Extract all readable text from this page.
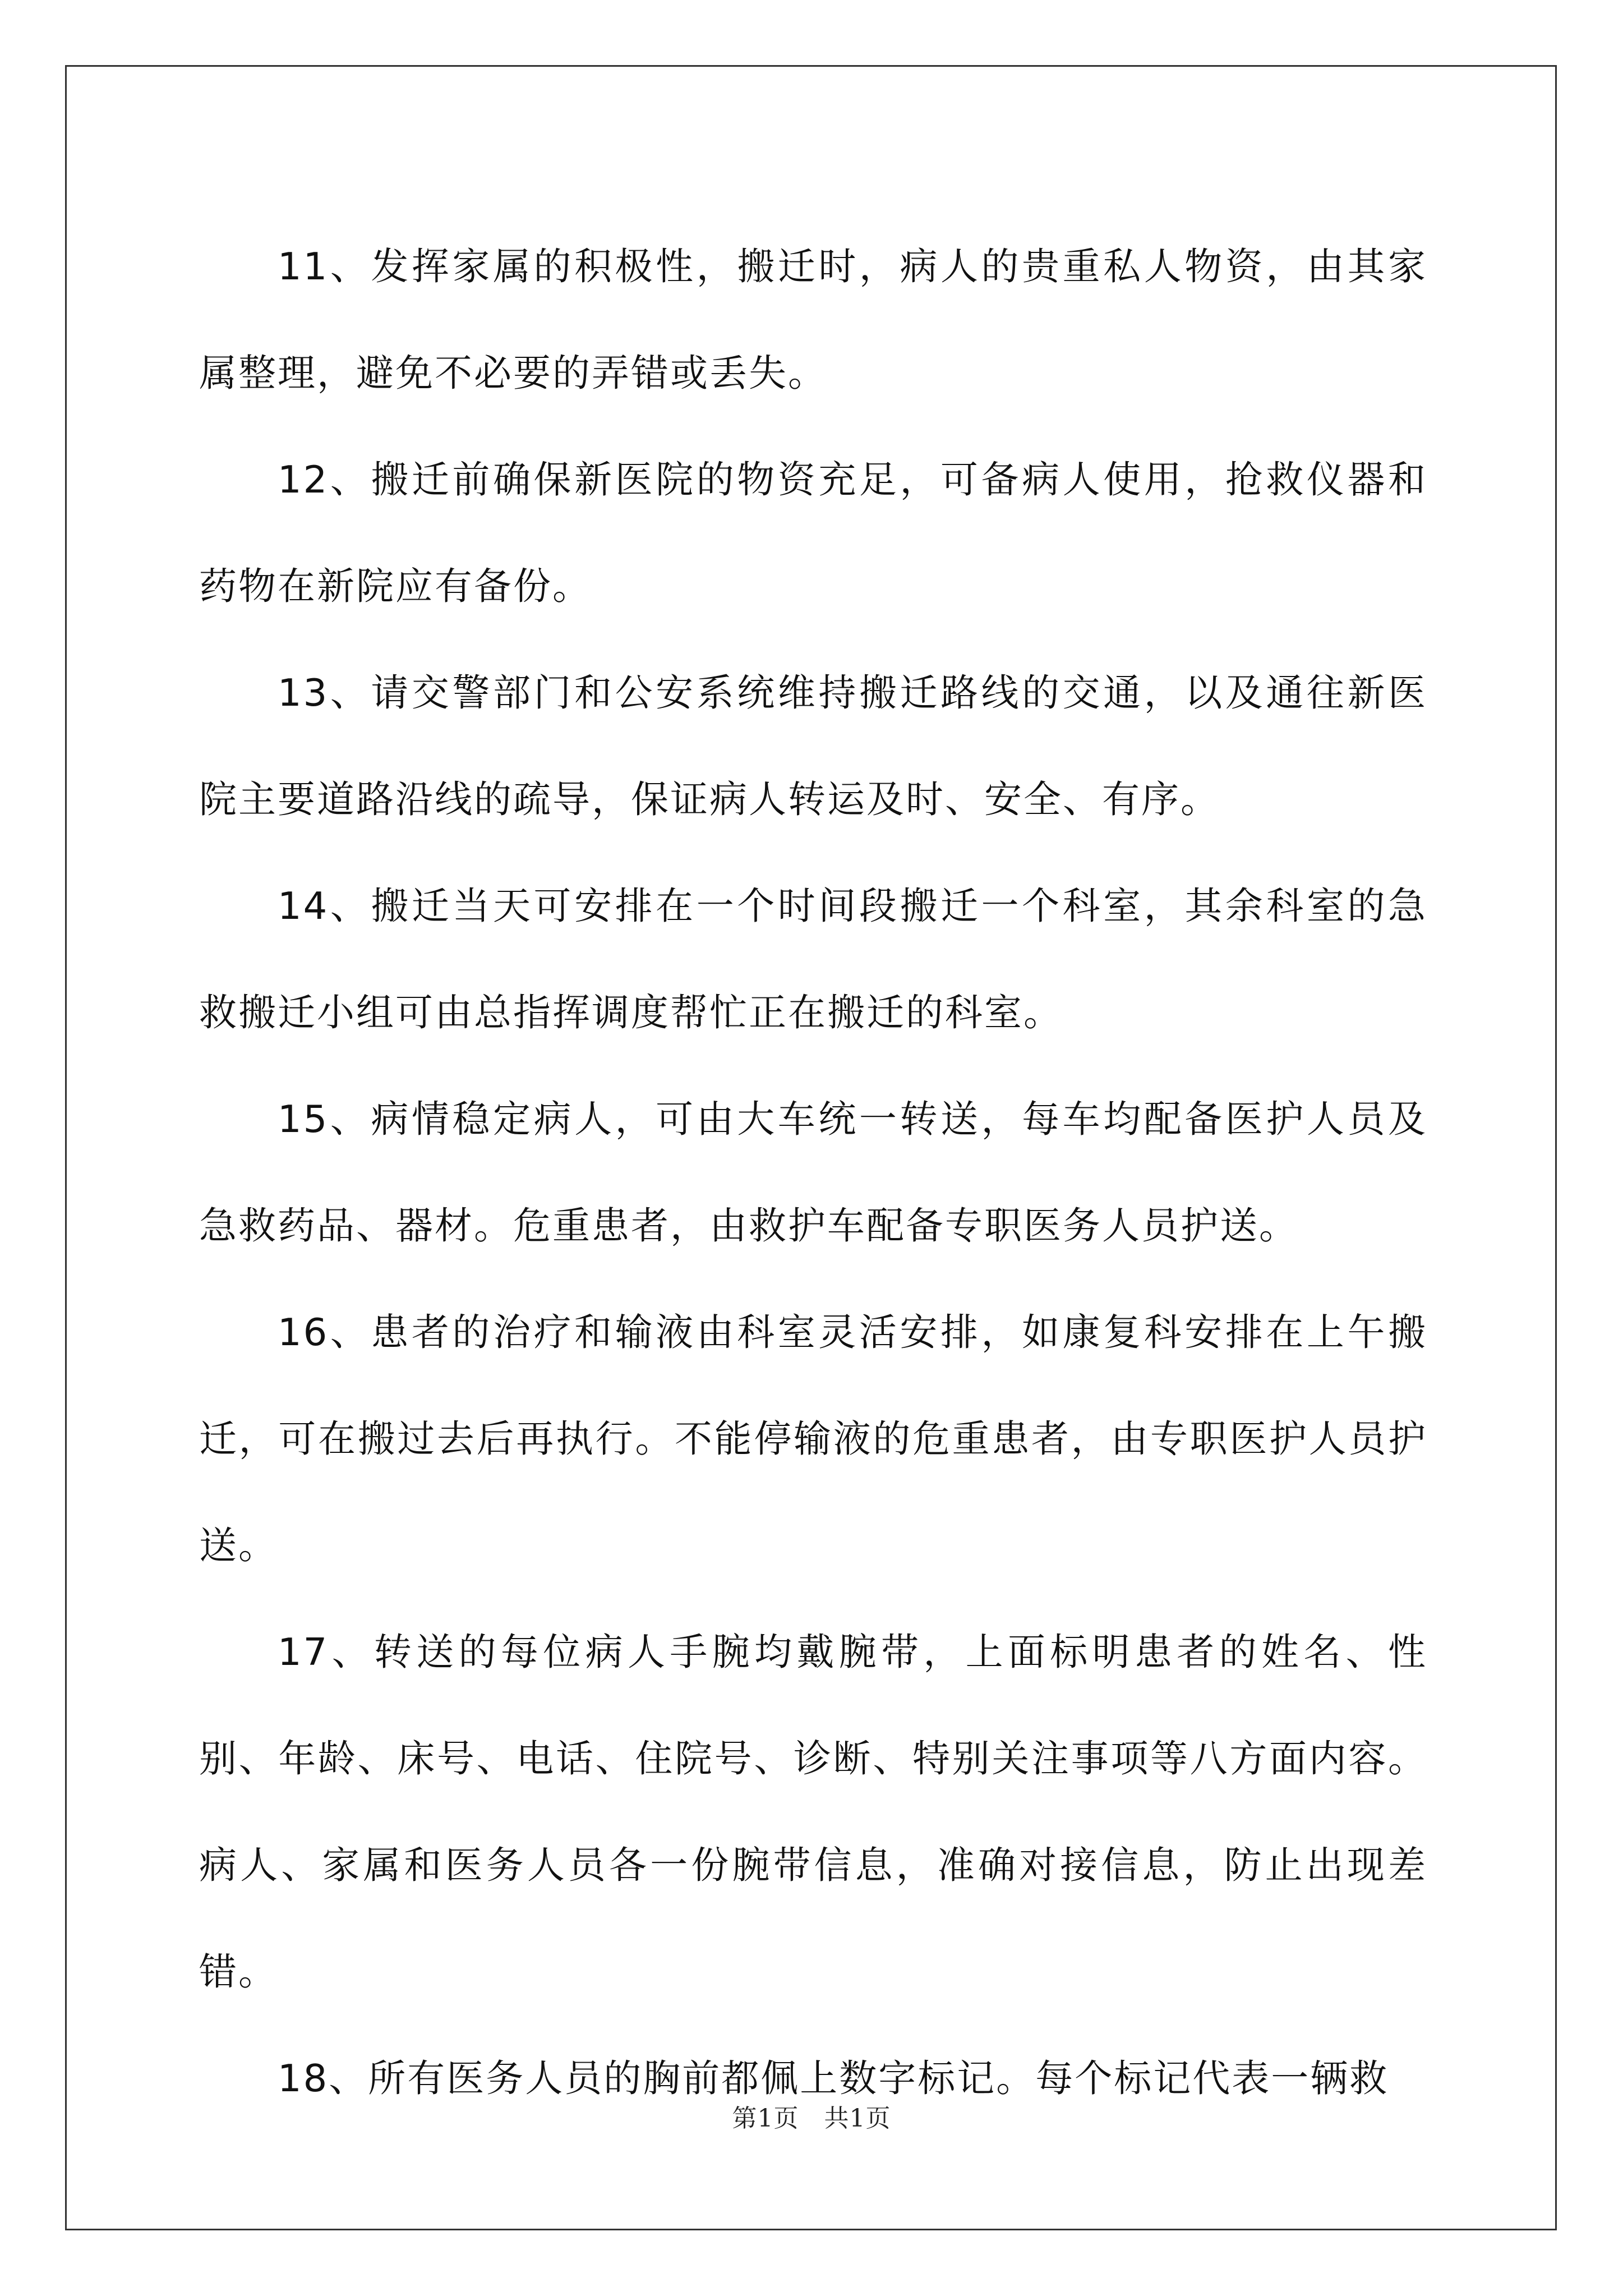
11、发挥家属的积极性，搬迁时，病人的贵重私人物资，由其家属整理，避免不必要的弄错或丢失。

12、搬迁前确保新医院的物资充足，可备病人使用，抢救仪器和药物在新院应有备份。

13、请交警部门和公安系统维持搬迁路线的交通，以及通往新医院主要道路沿线的疏导，保证病人转运及时、安全、有序。

14、搬迁当天可安排在一个时间段搬迁一个科室，其余科室的急救搬迁小组可由总指挥调度帮忙正在搬迁的科室。

15、病情稳定病人，可由大车统一转送，每车均配备医护人员及急救药品、器材。危重患者，由救护车配备专职医务人员护送。

16、患者的治疗和输液由科室灵活安排，如康复科安排在上午搬迁，可在搬过去后再执行。不能停输液的危重患者，由专职医护人员护送。

17、转送的每位病人手腕均戴腕带，上面标明患者的姓名、性别、年龄、床号、电话、住院号、诊断、特别关注事项等八方面内容。病人、家属和医务人员各一份腕带信息，准确对接信息，防止出现差错。

18、所有医务人员的胸前都佩上数字标记。每个标记代表一辆救

第1页 共1页
